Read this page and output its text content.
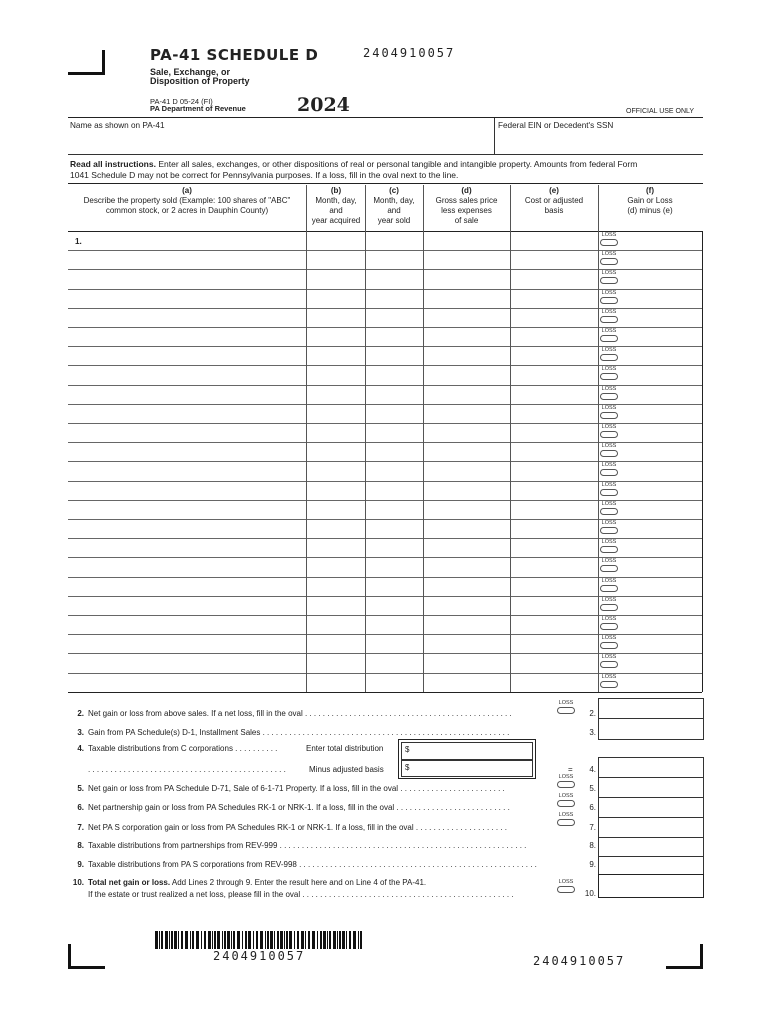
PA-41 SCHEDULE D	2404910057
Sale, Exchange, or
Disposition of Property
PA-41 D 05-24 (FI)
PA Department of Revenue	2024	OFFICIAL USE ONLY
Name as shown on PA-41	Federal EIN or Decedent's SSN
Read all instructions. Enter all sales, exchanges, or other dispositions of real or personal tangible and intangible property. Amounts from federal Form
1041 Schedule D may not be correct for Pennsylvania purposes. If a loss, fill in the oval next to the line.
(a)
Describe the property sold (Example: 100 shares of "ABC"
common stock, or 2 acres in Dauphin County)
(b)
Month, day,
and
year acquired
(c)
Month, day,
and
year sold
(d)
Gross sales price
less expenses
of sale
(e)
Cost or adjusted
basis
(f)
Gain or Loss
(d) minus (e)
LOSS
LOSS
LOSS
LOSS
LOSS
LOSS
LOSS
LOSS
LOSS
LOSS
LOSS
LOSS
LOSS
LOSS
LOSS
LOSS
LOSS
LOSS
LOSS
LOSS
LOSS
LOSS
LOSS
LOSS
1.
2. Net gain or loss from above sales. If a net loss, fill in the oval . . . . . . . . . . . . . . . . . . . . . . . . . . . . . . . . . . . . . . . . . . . . . . .
LOSS
2.
3. Gain from PA Schedule(s) D-1, Installment Sales . . . . . . . . . . . . . . . . . . . . . . . . . . . . . . . . . . . . . . . . . . . . . . . . . . . . . . . .	3.
4. Taxable distributions from C corporations . . . . . . . . . .	Enter total distribution
. . . . . . . . . . . . . . . . . . . . . . . . . . . . . . . . . . . . . . . . . . . . .	Minus adjusted basis
$
$	=	4.
5. Net gain or loss from PA Schedule D-71, Sale of 6-1-71 Property. If a loss, fill in the oval . . . . . . . . . . . . . . . . . . . . . . . .
LOSS
5.
6. Net partnership gain or loss from PA Schedules RK-1 or NRK-1. If a loss, fill in the oval . . . . . . . . . . . . . . . . . . . . . . . . . .
LOSS
6.
7. Net PA S corporation gain or loss from PA Schedules RK-1 or NRK-1. If a loss, fill in the oval . . . . . . . . . . . . . . . . . . . . .
LOSS
7.
8. Taxable distributions from partnerships from REV-999 . . . . . . . . . . . . . . . . . . . . . . . . . . . . . . . . . . . . . . . . . . . . . . . . . . . . . . . .	8.
9. Taxable distributions from PA S corporations from REV-998 . . . . . . . . . . . . . . . . . . . . . . . . . . . . . . . . . . . . . . . . . . . . . . . . . . . . . .	9.
10. Total net gain or loss. Add Lines 2 through 9. Enter the result here and on Line 4 of the PA-41.
If the estate or trust realized a net loss, please fill in the oval . . . . . . . . . . . . . . . . . . . . . . . . . . . . . . . . . . . . . . . . . . . . . . . .
LOSS
10.
2404910057	2404910057
